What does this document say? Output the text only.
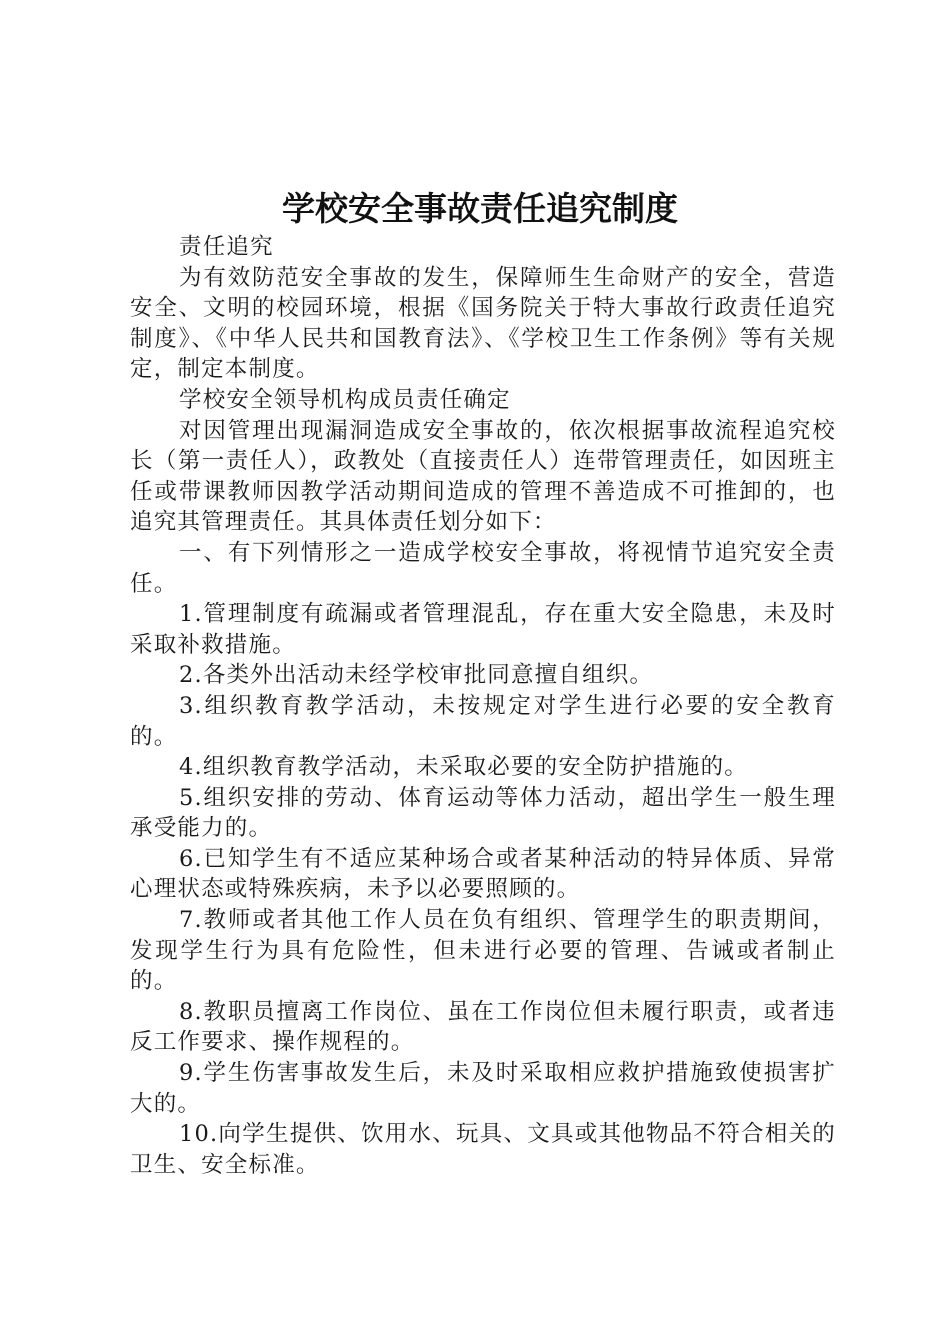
学校安全事故责任追究制度

责任追究

为有效防范安全事故的发生，保障师生生命财产的安全，营造安全、文明的校园环境，根据《国务院关于特大事故行政责任追究制度》、《中华人民共和国教育法》、《学校卫生工作条例》等有关规定，制定本制度。

学校安全领导机构成员责任确定

对因管理出现漏洞造成安全事故的，依次根据事故流程追究校长（第一责任人），政教处（直接责任人）连带管理责任，如因班主任或带课教师因教学活动期间造成的管理不善造成不可推卸的，也追究其管理责任。其具体责任划分如下：

一、有下列情形之一造成学校安全事故，将视情节追究安全责任。

1.管理制度有疏漏或者管理混乱，存在重大安全隐患，未及时采取补救措施。

2.各类外出活动未经学校审批同意擅自组织。

3.组织教育教学活动，未按规定对学生进行必要的安全教育的。

4.组织教育教学活动，未采取必要的安全防护措施的。

5.组织安排的劳动、体育运动等体力活动，超出学生一般生理承受能力的。

6.已知学生有不适应某种场合或者某种活动的特异体质、异常心理状态或特殊疾病，未予以必要照顾的。

7.教师或者其他工作人员在负有组织、管理学生的职责期间，发现学生行为具有危险性，但未进行必要的管理、告诫或者制止的。

8.教职员擅离工作岗位、虽在工作岗位但未履行职责，或者违反工作要求、操作规程的。

9.学生伤害事故发生后，未及时采取相应救护措施致使损害扩大的。

10.向学生提供、饮用水、玩具、文具或其他物品不符合相关的卫生、安全标准。
